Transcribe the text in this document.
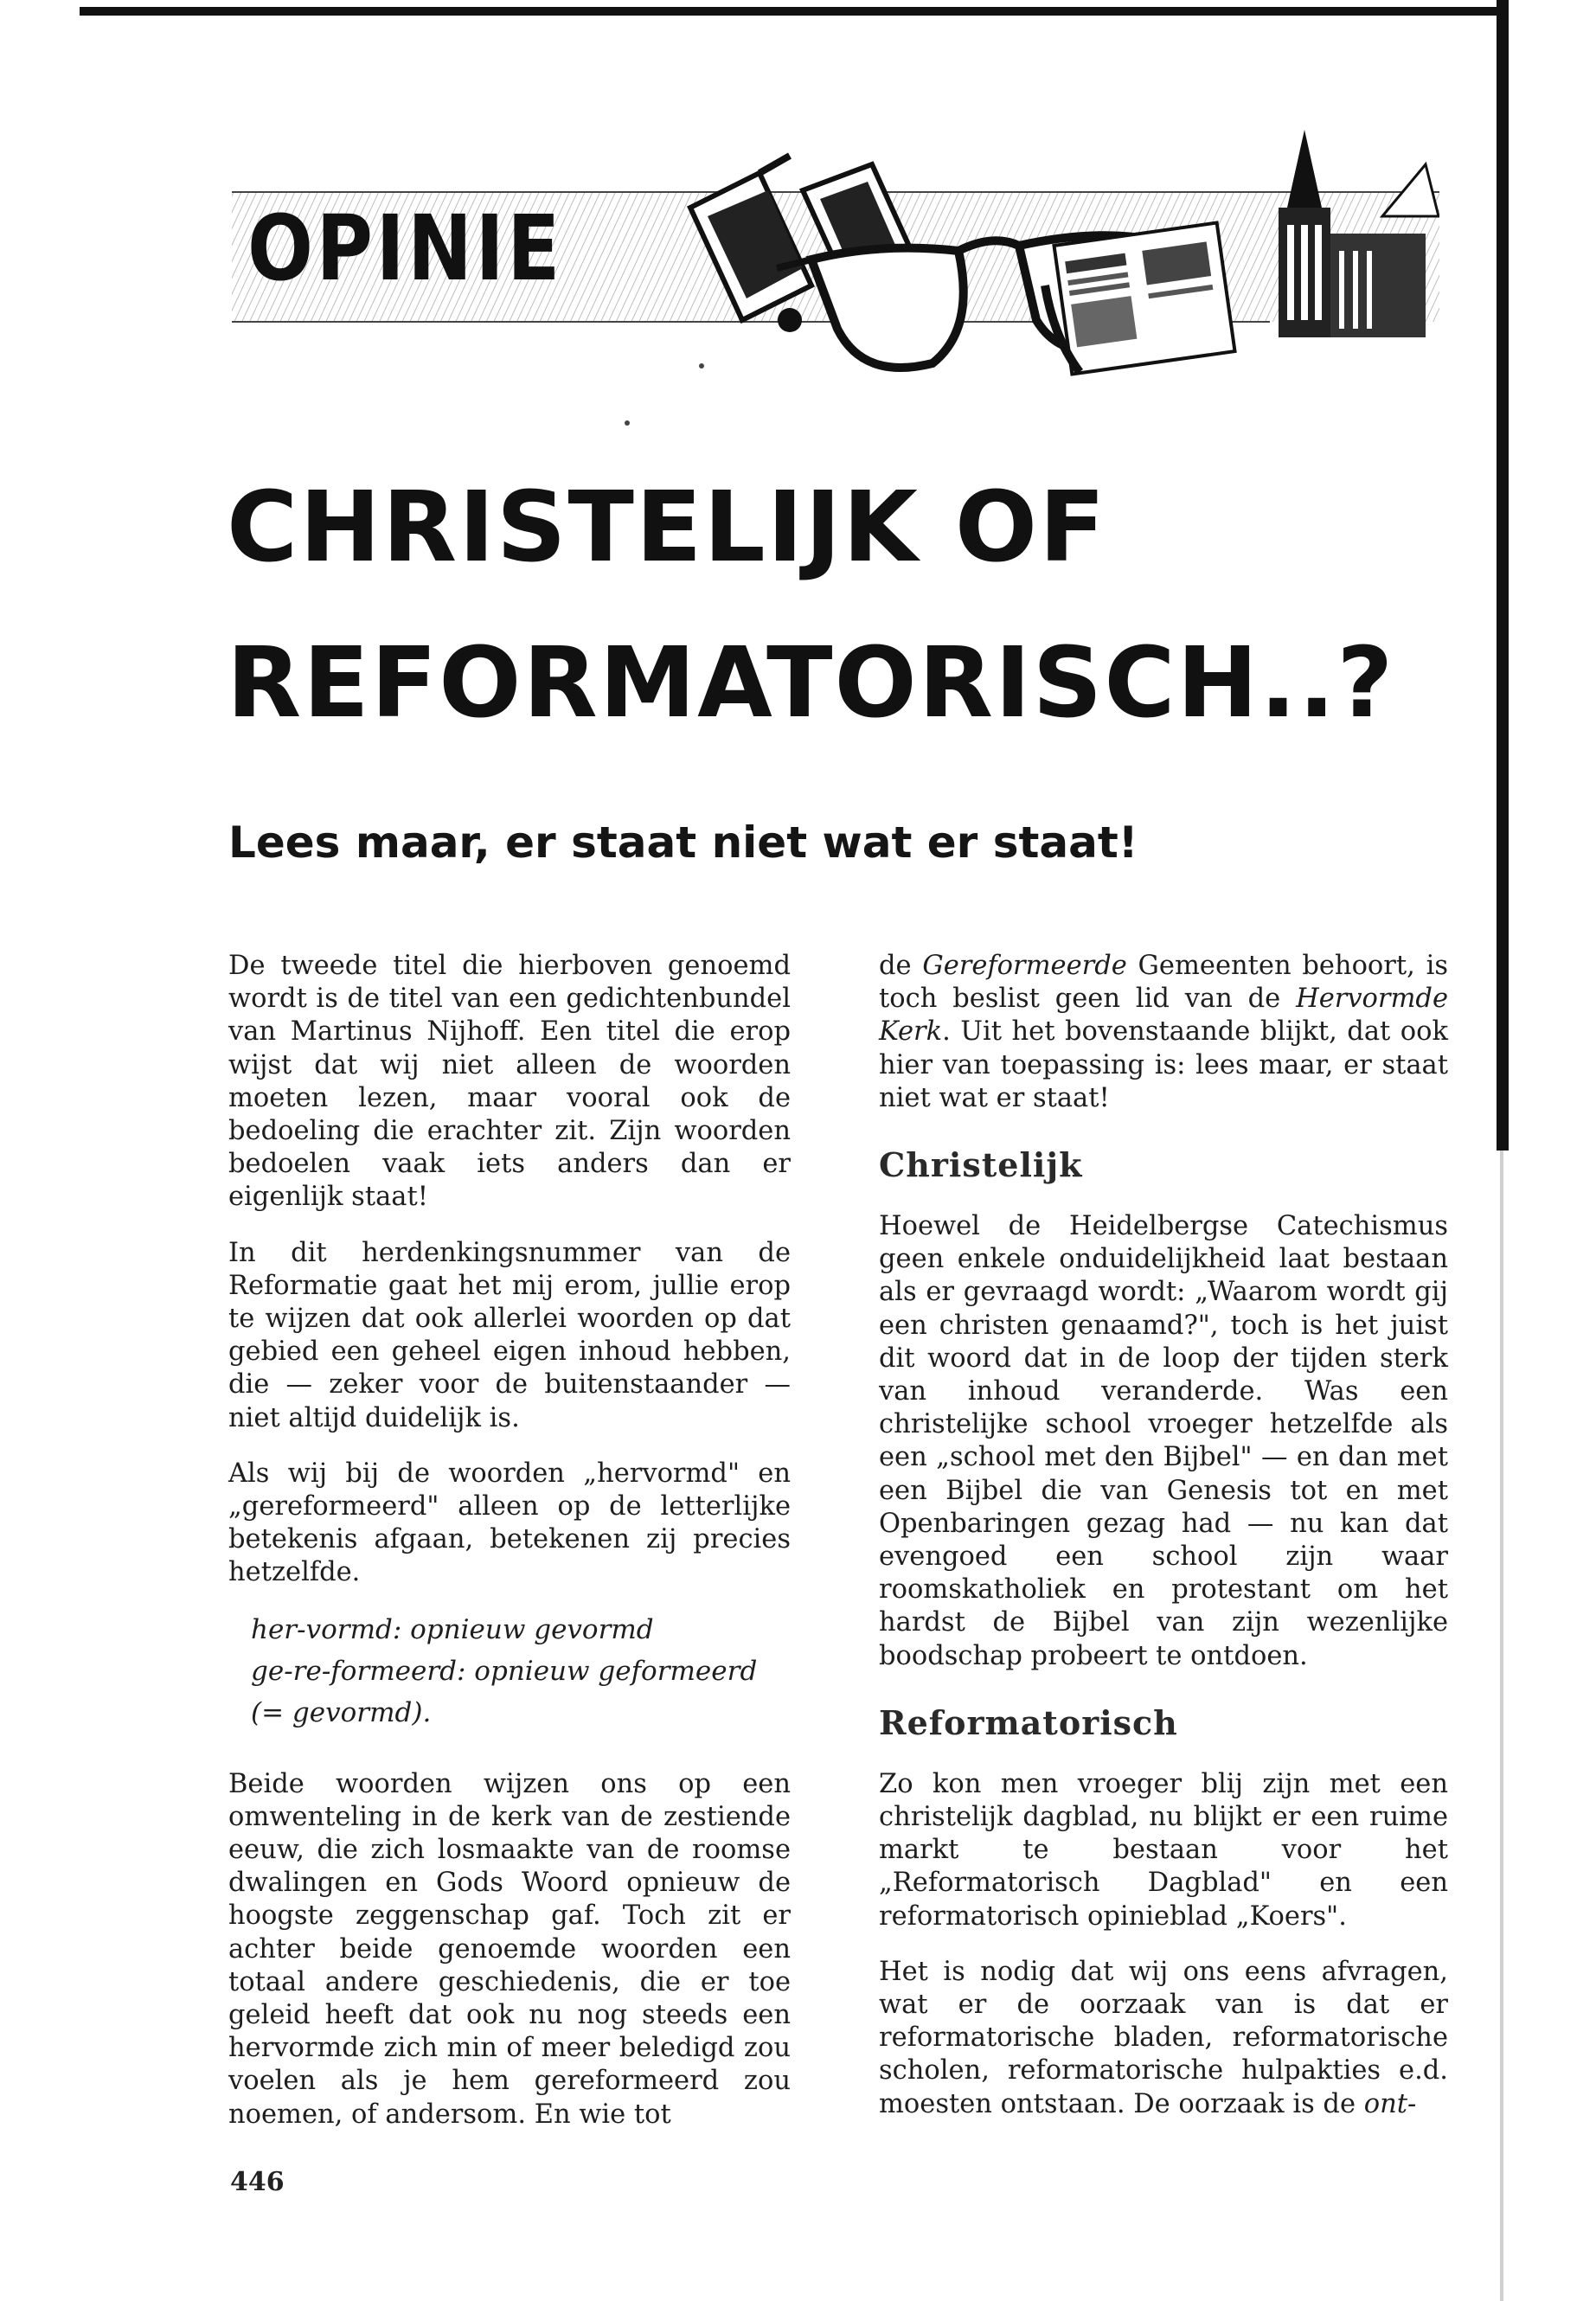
OPINIE
CHRISTELIJK OF
REFORMATORISCH..?

Lees maar, er staat niet wat er staat!

De tweede titel die hierboven genoemd wordt is de titel van een gedichtenbundel van Martinus Nijhoff. Een titel die erop wijst dat wij niet alleen de woorden moeten lezen, maar vooral ook de bedoeling die erachter zit. Zijn woorden bedoelen vaak iets anders dan er eigenlijk staat!

In dit herdenkingsnummer van de Reformatie gaat het mij erom, jullie erop te wijzen dat ook allerlei woorden op dat gebied een geheel eigen inhoud hebben, die — zeker voor de buitenstaander — niet altijd duidelijk is.

Als wij bij de woorden „hervormd" en „gereformeerd" alleen op de letterlijke betekenis afgaan, betekenen zij precies hetzelfde.

her-vormd: opnieuw gevormd

ge-re-formeerd: opnieuw geformeerd

(= gevormd).

Beide woorden wijzen ons op een omwenteling in de kerk van de zestiende eeuw, die zich losmaakte van de roomse dwalingen en Gods Woord opnieuw de hoogste zeggenschap gaf. Toch zit er achter beide genoemde woorden een totaal andere geschiedenis, die er toe geleid heeft dat ook nu nog steeds een hervormde zich min of meer beledigd zou voelen als je hem gereformeerd zou noemen, of andersom. En wie tot

de Gereformeerde Gemeenten behoort, is toch beslist geen lid van de Hervormde Kerk. Uit het bovenstaande blijkt, dat ook hier van toepassing is: lees maar, er staat niet wat er staat!

Christelijk

Hoewel de Heidelbergse Catechismus geen enkele onduidelijkheid laat bestaan als er gevraagd wordt: „Waarom wordt gij een christen genaamd?", toch is het juist dit woord dat in de loop der tijden sterk van inhoud veranderde. Was een christelijke school vroeger hetzelfde als een „school met den Bijbel" — en dan met een Bijbel die van Genesis tot en met Openbaringen gezag had — nu kan dat evengoed een school zijn waar roomskatholiek en protestant om het hardst de Bijbel van zijn wezenlijke boodschap probeert te ontdoen.

Reformatorisch

Zo kon men vroeger blij zijn met een christelijk dagblad, nu blijkt er een ruime markt te bestaan voor het „Reformatorisch Dagblad" en een reformatorisch opinieblad „Koers".

Het is nodig dat wij ons eens afvragen, wat er de oorzaak van is dat er reformatorische bladen, reformatorische scholen, reformatorische hulpakties e.d. moesten ontstaan. De oorzaak is de ont-

446
